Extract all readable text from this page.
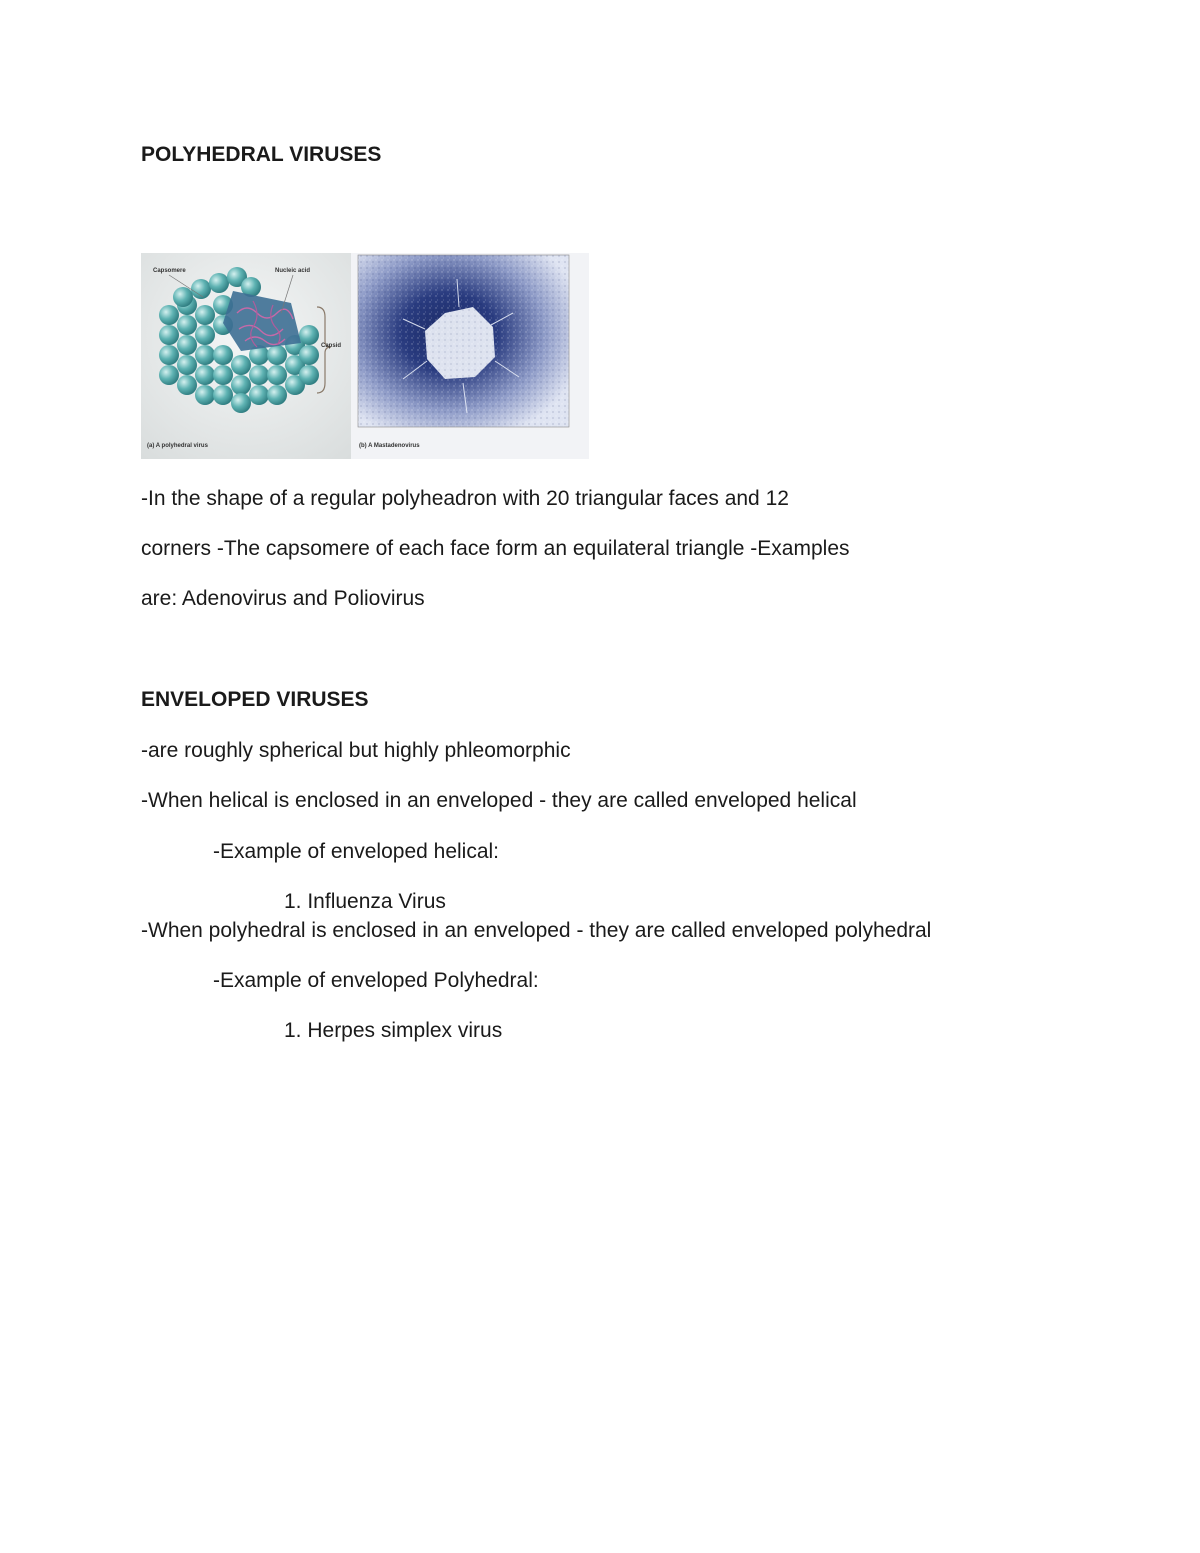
POLYHEDRAL VIRUSES
Capsomere	Nucleic acid
Capsid
(a) A polyhedral virus	(b) A Mastadenovirus
-In the shape of a regular polyheadron with 20 triangular faces and 12
corners -The capsomere of each face form an equilateral triangle -Examples
are: Adenovirus and Poliovirus
ENVELOPED VIRUSES
-are roughly spherical but highly phleomorphic
-When helical is enclosed in an enveloped - they are called enveloped helical
-Example of enveloped helical:
1. Influenza Virus
-When polyhedral is enclosed in an enveloped - they are called enveloped polyhedral
-Example of enveloped Polyhedral:
1. Herpes simplex virus
